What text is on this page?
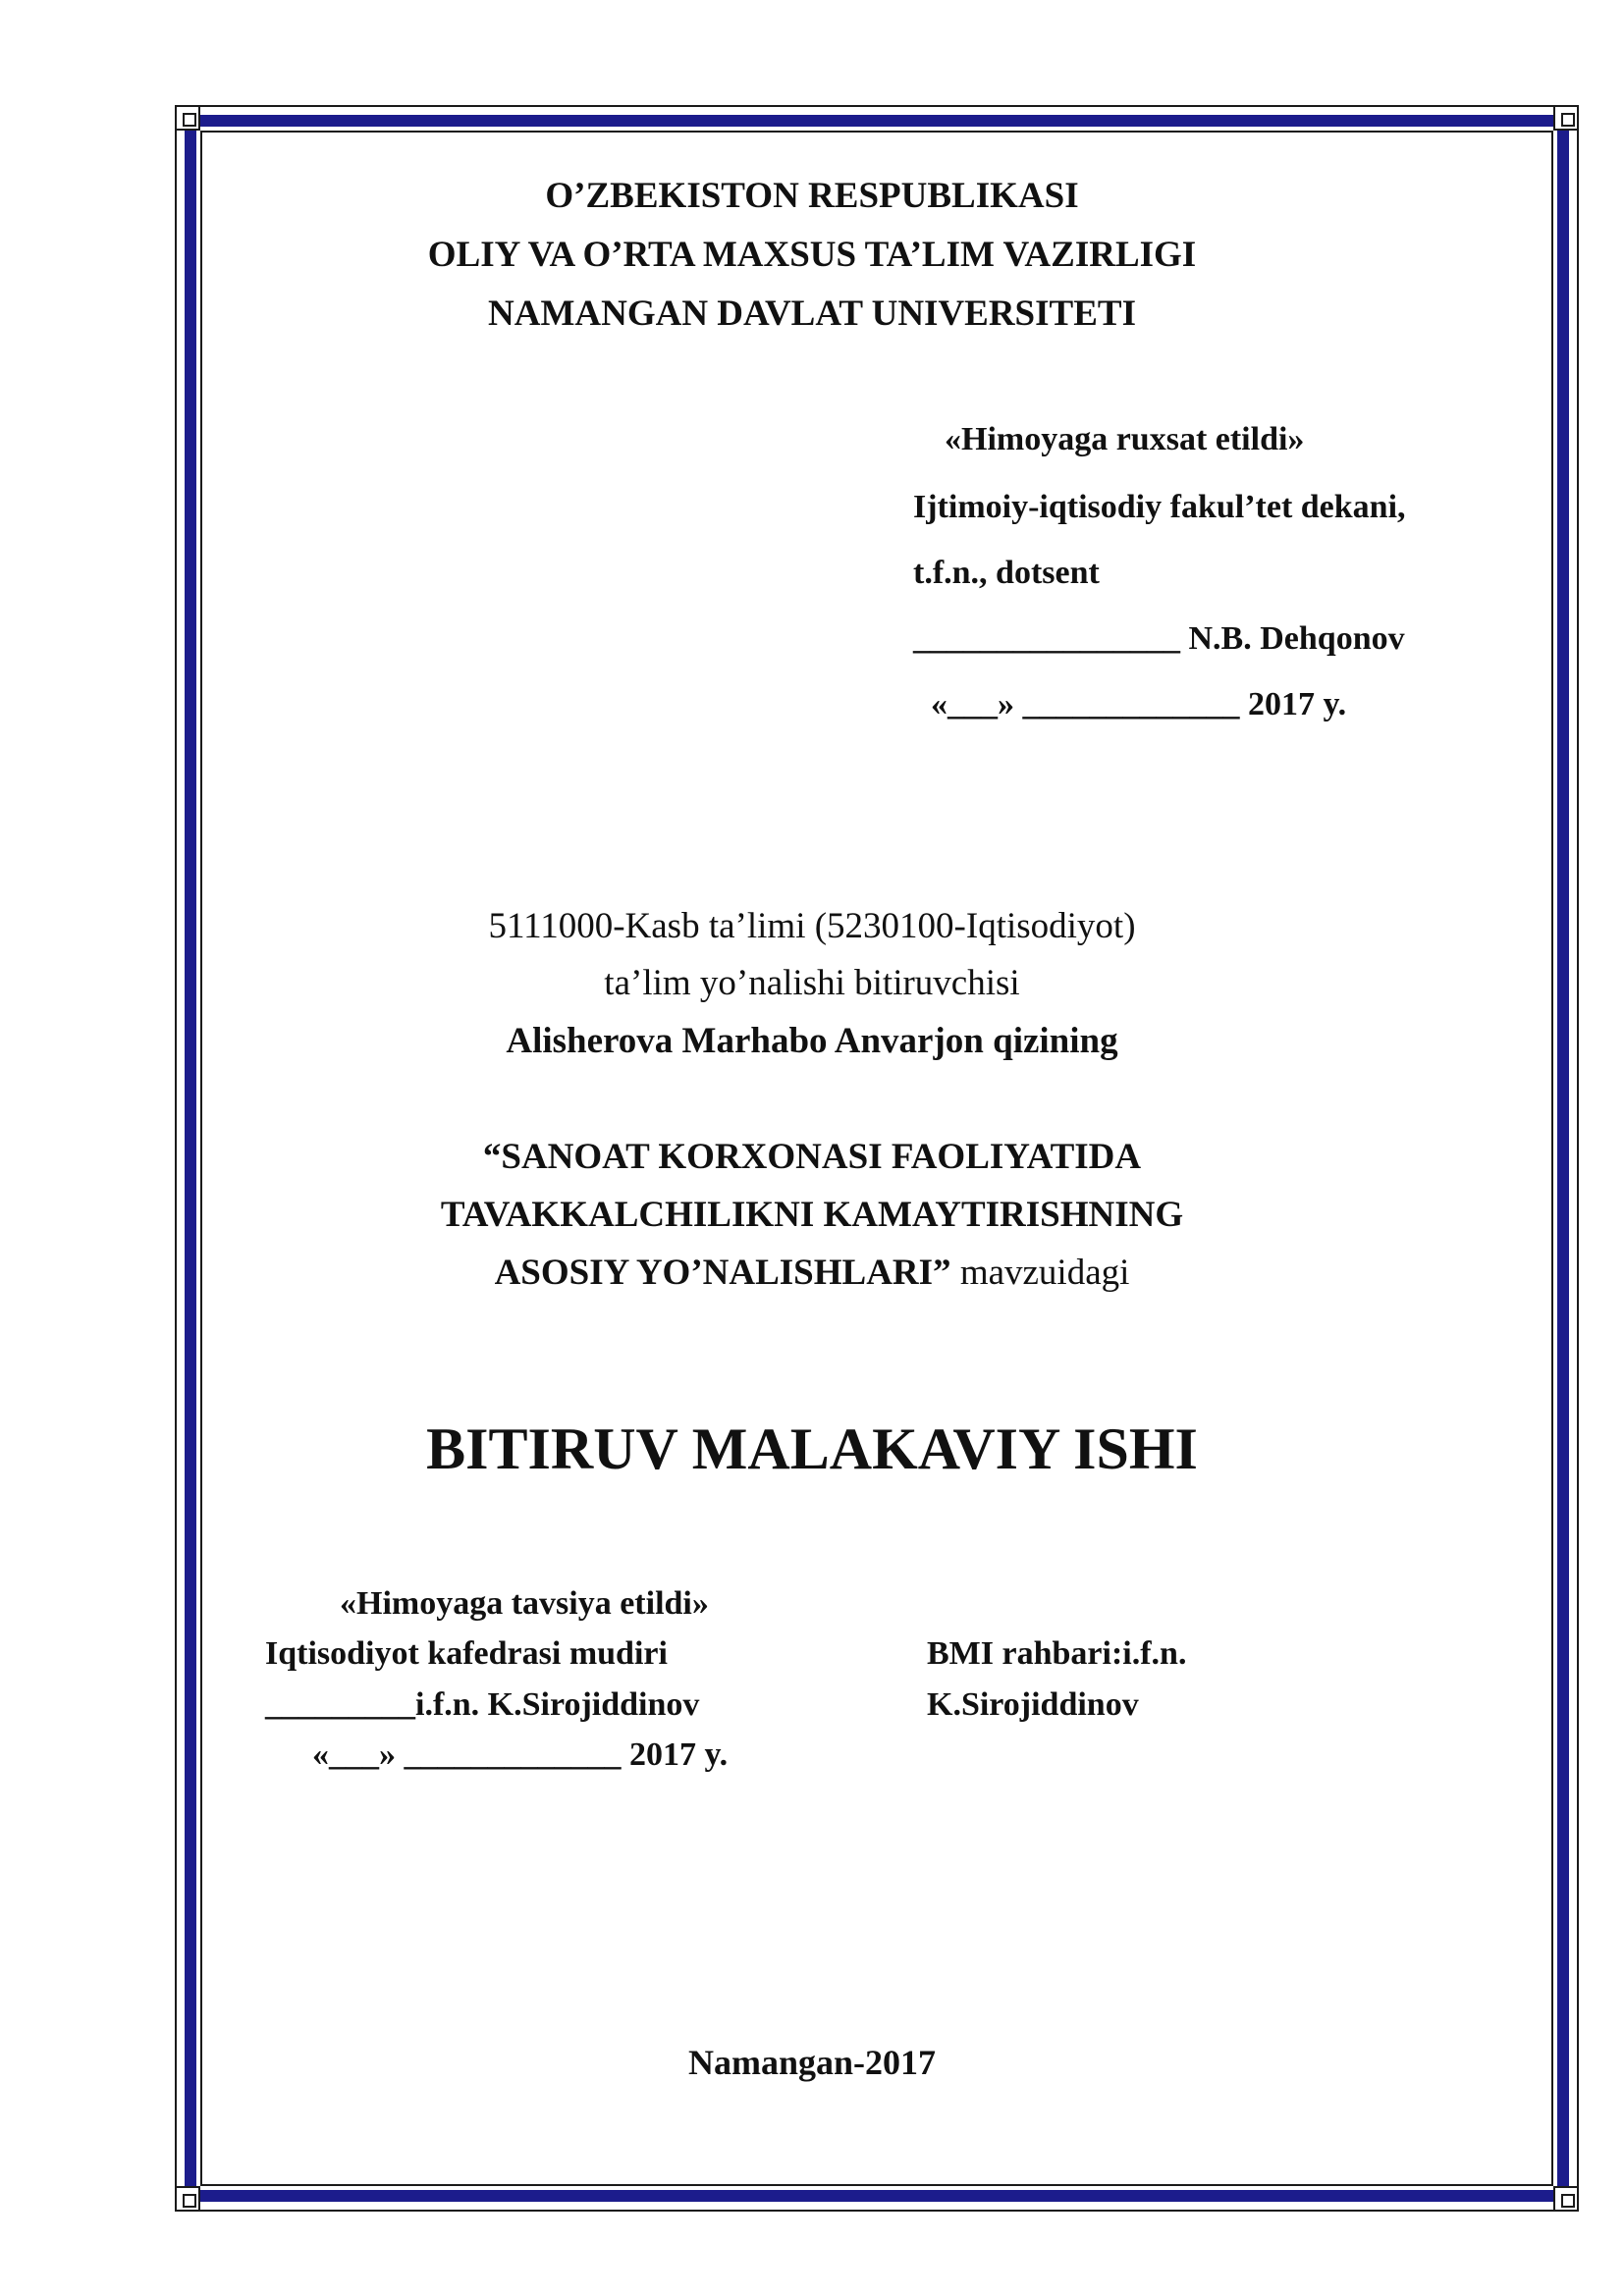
O’ZBEKISTON RESPUBLIKASI
OLIY VA O’RTA MAXSUS TA’LIM VAZIRLIGI
NAMANGAN DAVLAT UNIVERSITETI
«Himoyaga ruxsat etildi»
Ijtimoiy-iqtisodiy fakul’tet dekani,
t.f.n., dotsent
________________ N.B. Dehqonov
«___» _____________ 2017 y.
5111000-Kasb ta’limi (5230100-Iqtisodiyot)
ta’lim yo’nalishi bitiruvchisi
Alisherova Marhabo Anvarjon qizining
“SANOAT KORXONASI FAOLIYATIDA
TAVAKKALCHILIKNI KAMAYTIRISHNING
ASOSIY YO’NALISHLARI” mavzuidagi
BITIRUV MALAKAVIY ISHI
«Himoyaga tavsiya etildi»
Iqtisodiyot kafedrasi mudiri
_________i.f.n. K.Sirojiddinov
«___» _____________ 2017 y.
BMI rahbari:i.f.n.
K.Sirojiddinov
Namangan-2017
